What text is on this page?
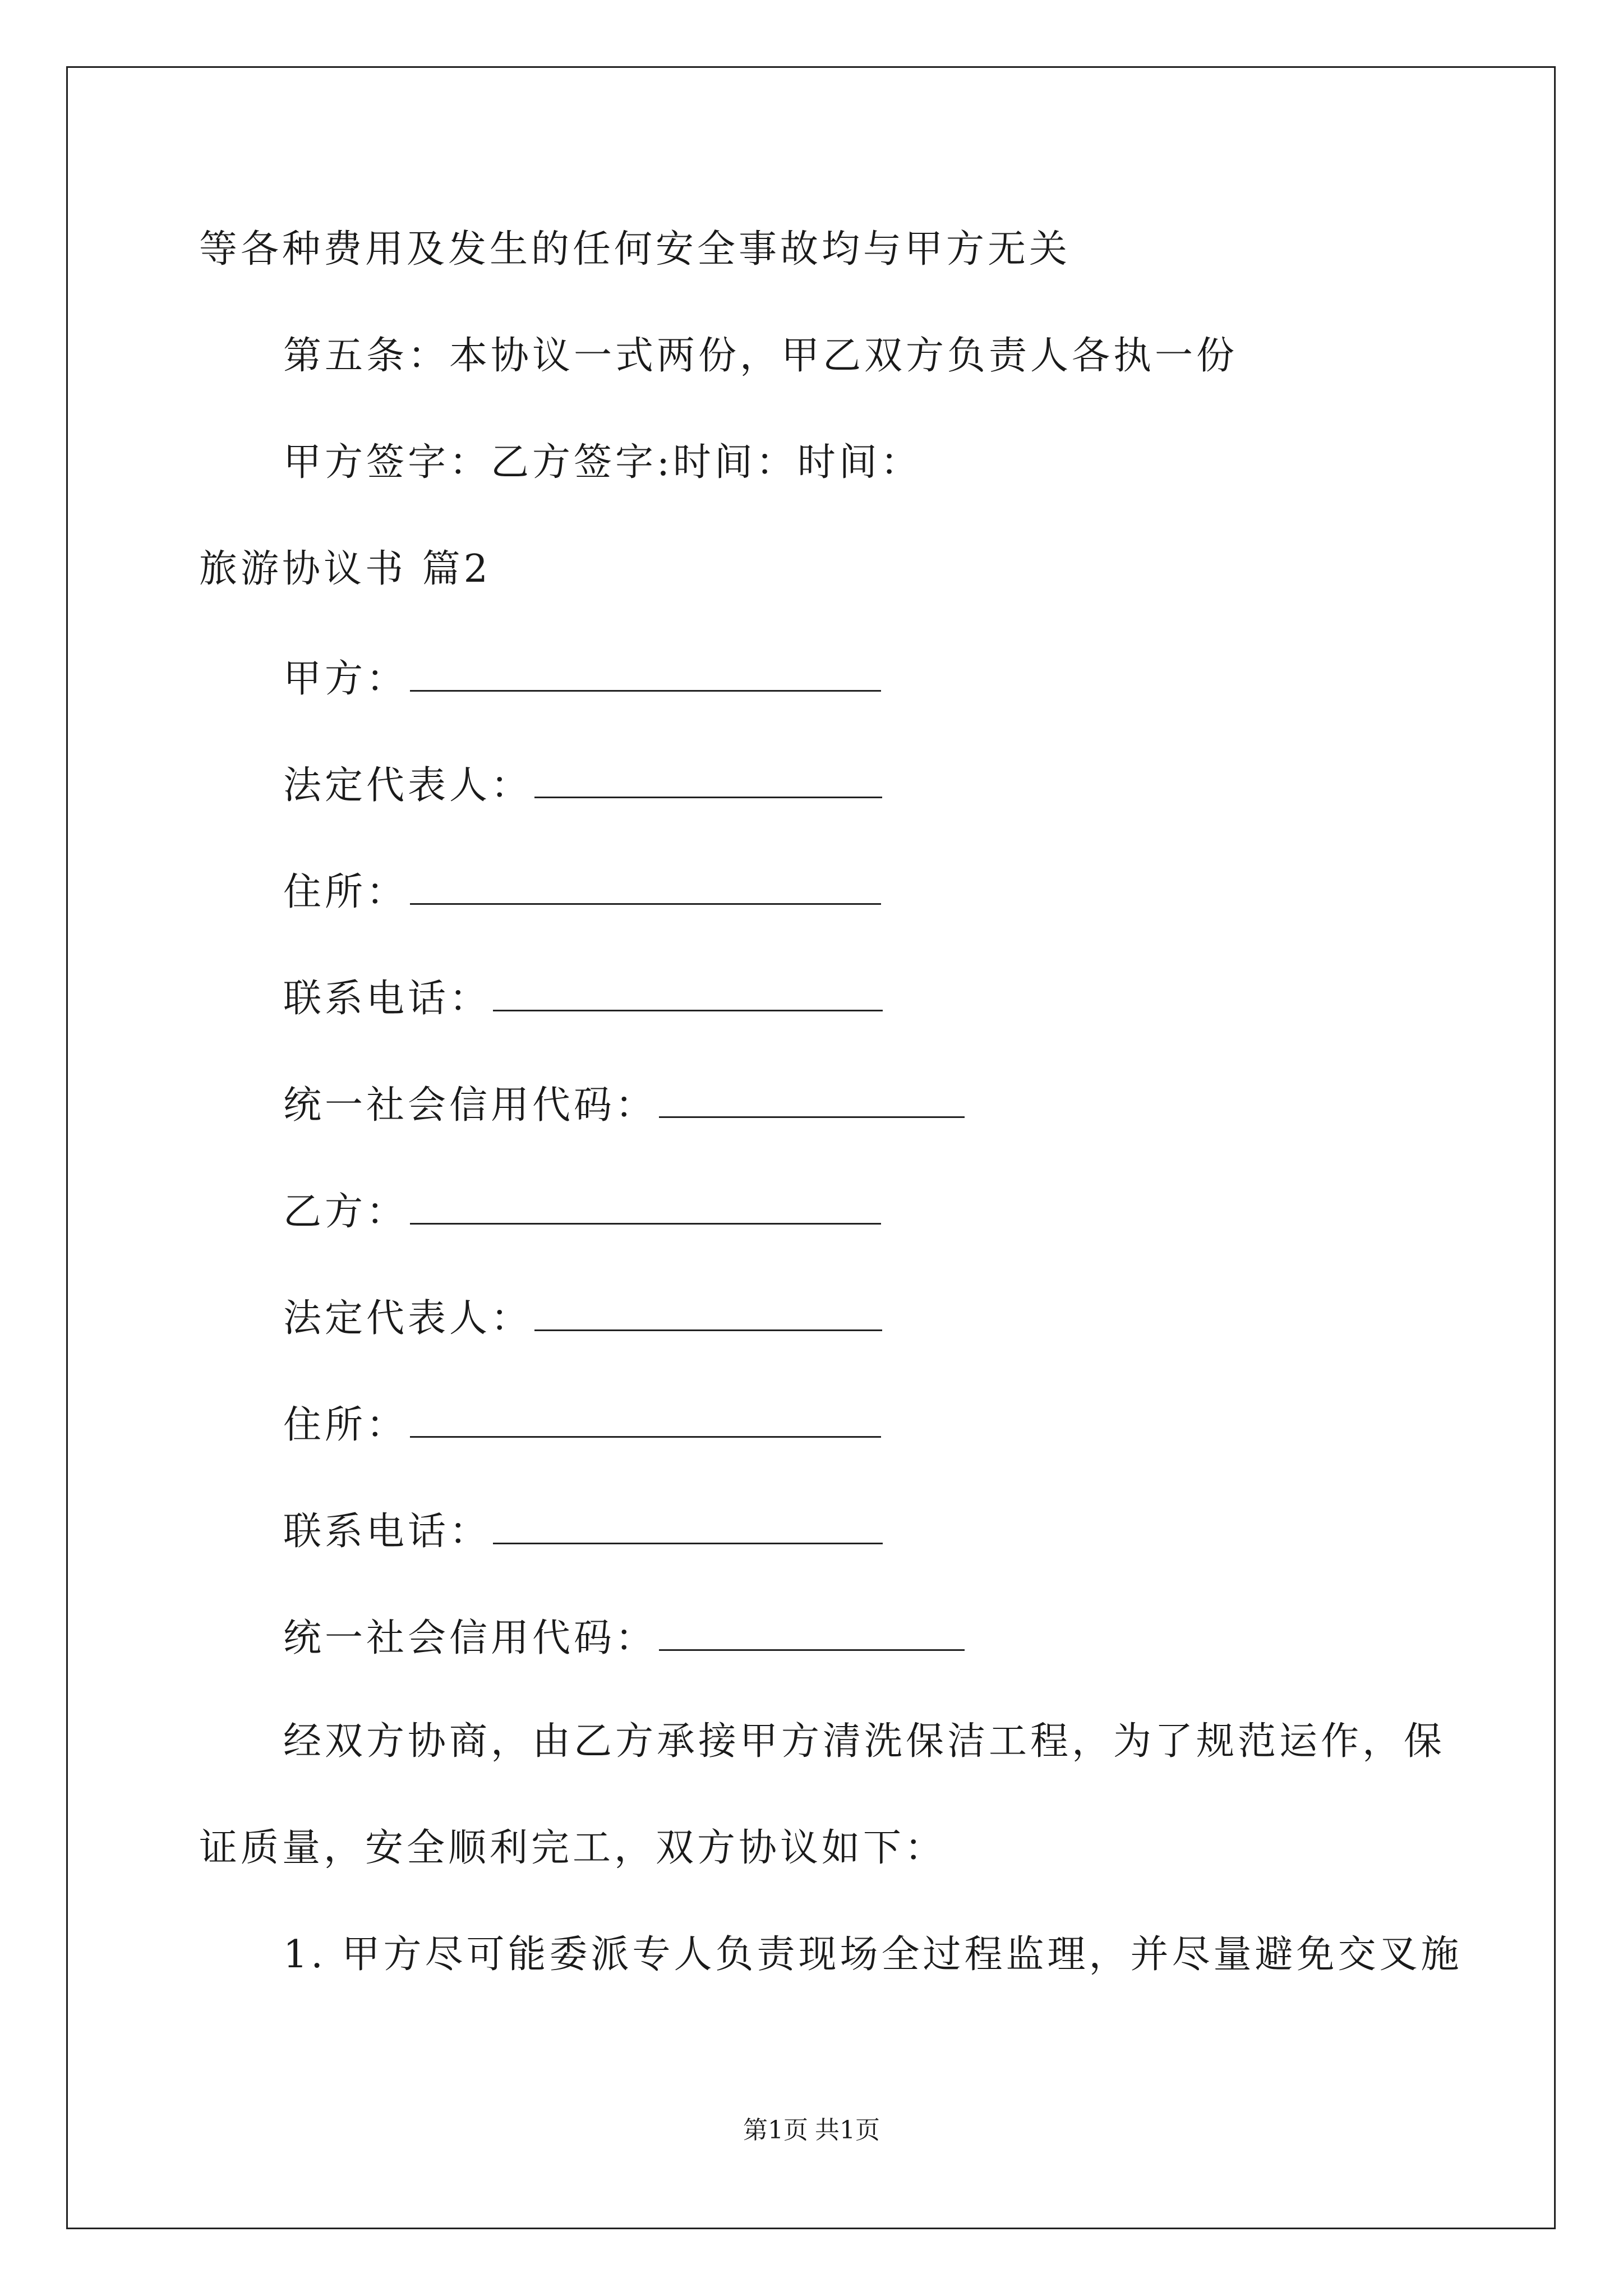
等各种费用及发生的任何安全事故均与甲方无关
第五条：本协议一式两份，甲乙双方负责人各执一份
甲方签字：乙方签字:时间：时间：
旅游协议书 篇2
甲方：
法定代表人：
住所：
联系电话：
统一社会信用代码：
乙方：
法定代表人：
住所：
联系电话：
统一社会信用代码：
经双方协商，由乙方承接甲方清洗保洁工程，为了规范运作，保
证质量，安全顺利完工，双方协议如下：
1. 甲方尽可能委派专人负责现场全过程监理，并尽量避免交叉施
第1页 共1页
